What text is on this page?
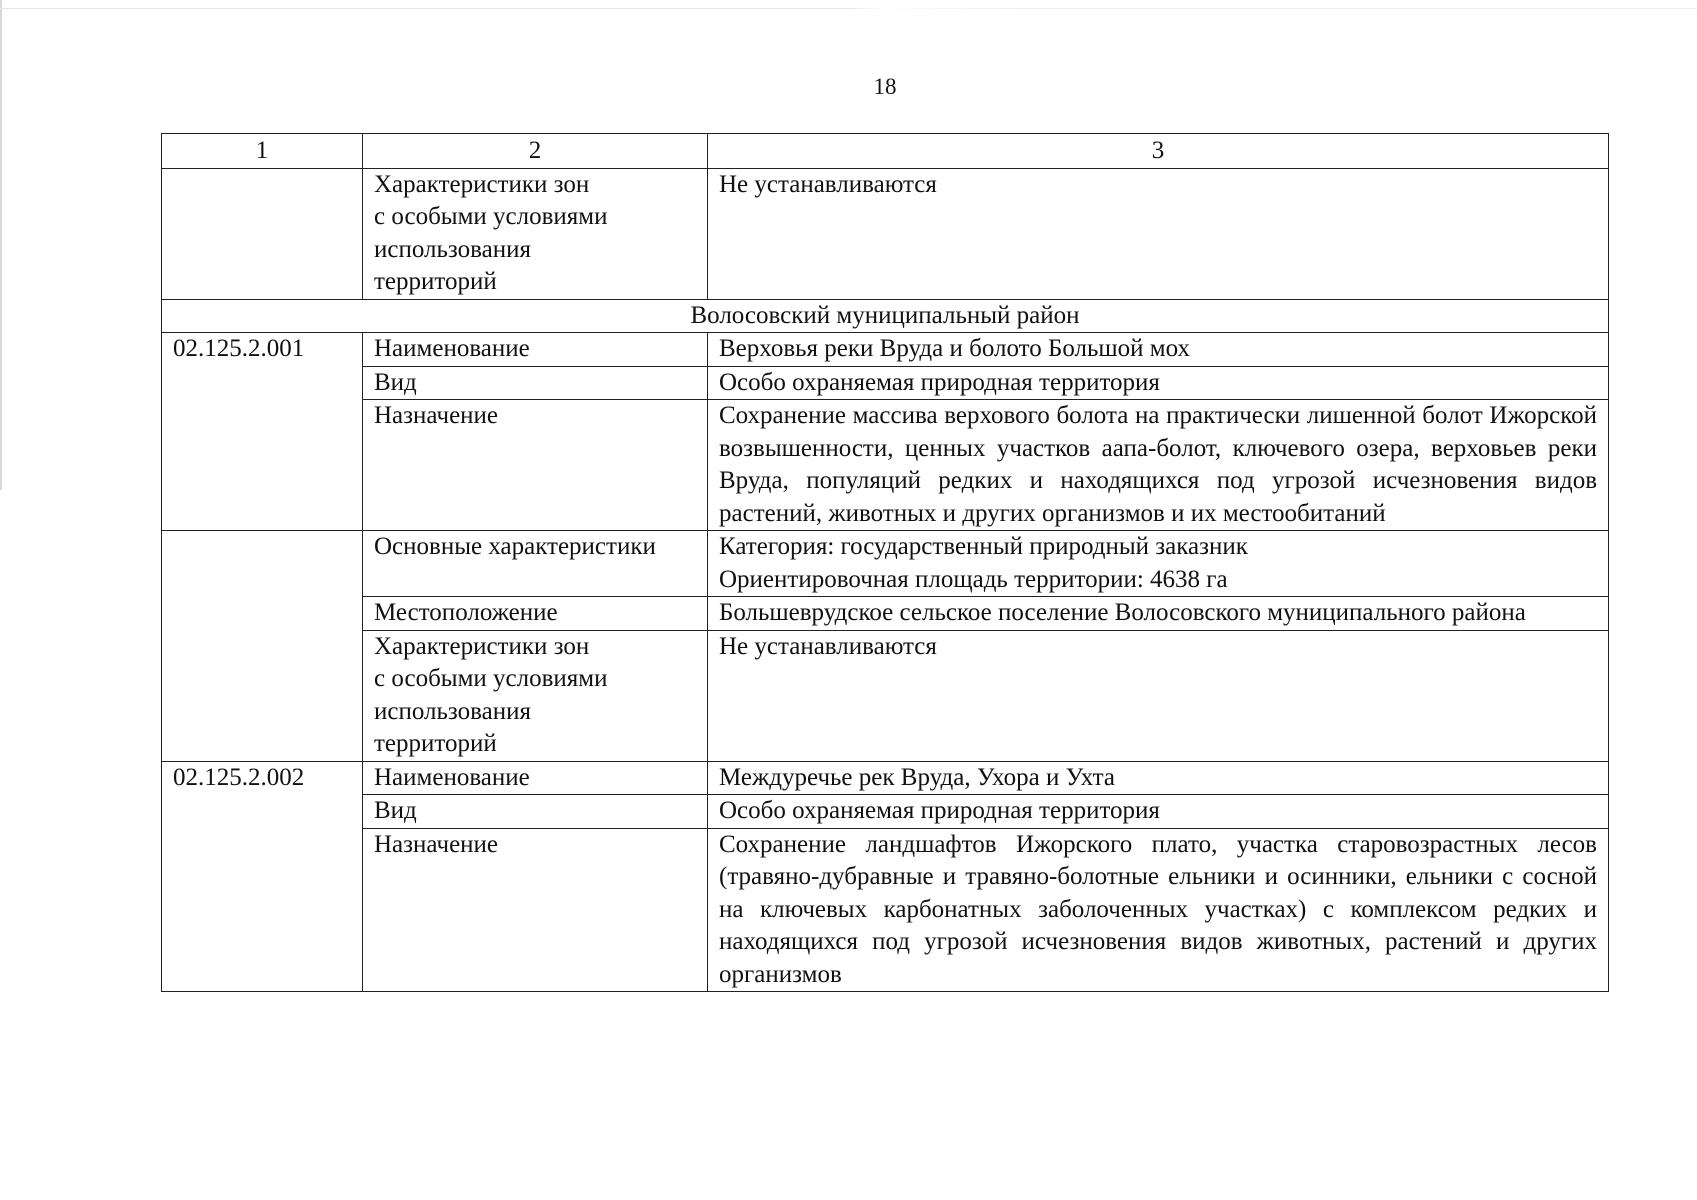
18
1	2	3

	Характеристики зон
с особыми условиями
использования
территорий	Не устанавливаются
Волосовский муниципальный район		
02.125.2.001	Наименование	Верховья реки Вруда и болото Большой мох
	Вид	Особо охраняемая природная территория
	Назначение	Сохранение массива верхового болота на практически лишенной болот Ижорской возвышенности, ценных участков аапа-болот, ключевого озера, верховьев реки Вруда, популяций редких и находящихся под угрозой исчезновения видов растений, животных и других организмов и их местообитаний
	Основные характеристики	Категория: государственный природный заказник
Ориентировочная площадь территории: 4638 га

	Местоположение	Большеврудское сельское поселение Волосовского муниципального района

	Характеристики зон
с особыми условиями
использования
территорий	Не устанавливаются
02.125.2.002	Наименование	Междуречье рек Вруда, Ухора и Ухта
	Вид	Особо охраняемая природная территория
	Назначение	Сохранение ландшафтов Ижорского плато, участка старовозрастных лесов (травяно-дубравные и травяно-болотные ельники и осинники, ельники с сосной на ключевых карбонатных заболоченных участках) с комплексом редких и находящихся под угрозой исчезновения видов животных, растений и других организмов
